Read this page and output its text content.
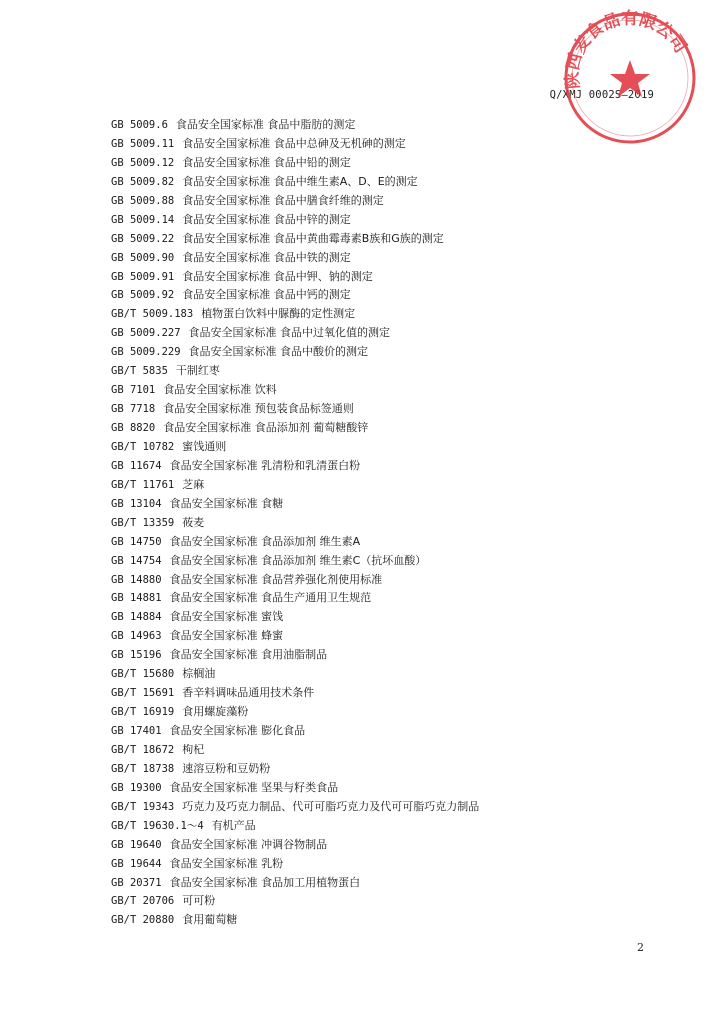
Q/XMJ 0002S—2019
陕西麦食品有限公司
GB 5009.6 食品安全国家标准 食品中脂肪的测定
GB 5009.11 食品安全国家标准 食品中总砷及无机砷的测定
GB 5009.12 食品安全国家标准 食品中铅的测定
GB 5009.82 食品安全国家标准 食品中维生素A、D、E的测定
GB 5009.88 食品安全国家标准 食品中膳食纤维的测定
GB 5009.14 食品安全国家标准 食品中锌的测定
GB 5009.22 食品安全国家标准 食品中黄曲霉毒素B族和G族的测定
GB 5009.90 食品安全国家标准 食品中铁的测定
GB 5009.91 食品安全国家标准 食品中钾、钠的测定
GB 5009.92 食品安全国家标准 食品中钙的测定
GB/T 5009.183 植物蛋白饮料中脲酶的定性测定
GB 5009.227 食品安全国家标准 食品中过氧化值的测定
GB 5009.229 食品安全国家标准 食品中酸价的测定
GB/T 5835 干制红枣
GB 7101 食品安全国家标准 饮料
GB 7718 食品安全国家标准 预包装食品标签通则
GB 8820 食品安全国家标准 食品添加剂 葡萄糖酸锌
GB/T 10782 蜜饯通则
GB 11674 食品安全国家标准 乳清粉和乳清蛋白粉
GB/T 11761 芝麻
GB 13104 食品安全国家标准 食糖
GB/T 13359 莜麦
GB 14750 食品安全国家标准 食品添加剂 维生素A
GB 14754 食品安全国家标准 食品添加剂 维生素C（抗坏血酸）
GB 14880 食品安全国家标准 食品营养强化剂使用标准
GB 14881 食品安全国家标准 食品生产通用卫生规范
GB 14884 食品安全国家标准 蜜饯
GB 14963 食品安全国家标准 蜂蜜
GB 15196 食品安全国家标准 食用油脂制品
GB/T 15680 棕榈油
GB/T 15691 香辛料调味品通用技术条件
GB/T 16919 食用螺旋藻粉
GB 17401 食品安全国家标准 膨化食品
GB/T 18672 枸杞
GB/T 18738 速溶豆粉和豆奶粉
GB 19300 食品安全国家标准 坚果与籽类食品
GB/T 19343 巧克力及巧克力制品、代可可脂巧克力及代可可脂巧克力制品
GB/T 19630.1～4 有机产品
GB 19640 食品安全国家标准 冲调谷物制品
GB 19644 食品安全国家标准 乳粉
GB 20371 食品安全国家标准 食品加工用植物蛋白
GB/T 20706 可可粉
GB/T 20880 食用葡萄糖
2
